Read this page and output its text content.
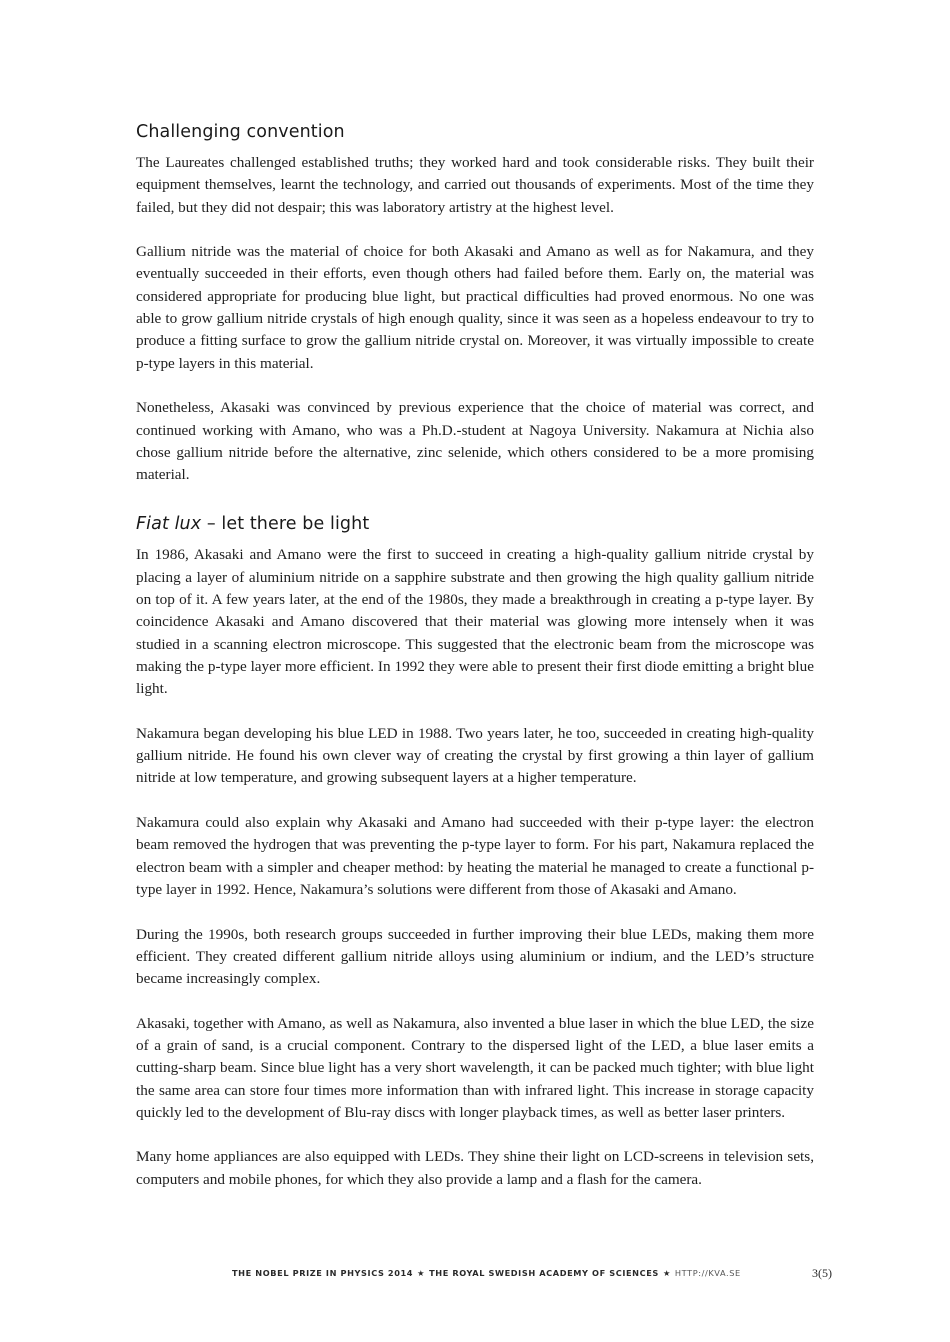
Challenging convention

The Laureates challenged established truths; they worked hard and took considerable risks. They built their equipment themselves, learnt the technology, and carried out thousands of experiments. Most of the time they failed, but they did not despair; this was laboratory artistry at the highest level.

Gallium nitride was the material of choice for both Akasaki and Amano as well as for Nakamura, and they eventually succeeded in their efforts, even though others had failed before them. Early on, the material was considered appropriate for producing blue light, but practical difficulties had proved enormous. No one was able to grow gallium nitride crystals of high enough quality, since it was seen as a hopeless endeavour to try to produce a fitting surface to grow the gallium nitride crystal on. Moreover, it was virtually impossible to create p-type layers in this material.

Nonetheless, Akasaki was convinced by previous experience that the choice of material was correct, and continued working with Amano, who was a Ph.D.-student at Nagoya University. Nakamura at Nichia also chose gallium nitride before the alternative, zinc selenide, which others considered to be a more promising material.

Fiat lux – let there be light

In 1986, Akasaki and Amano were the first to succeed in creating a high-quality gallium nitride crystal by placing a layer of aluminium nitride on a sapphire substrate and then growing the high quality gallium nitride on top of it. A few years later, at the end of the 1980s, they made a breakthrough in creating a p-type layer. By coincidence Akasaki and Amano discovered that their material was glowing more intensely when it was studied in a scanning electron microscope. This suggested that the electronic beam from the microscope was making the p-type layer more efficient. In 1992 they were able to present their first diode emitting a bright blue light.

Nakamura began developing his blue LED in 1988. Two years later, he too, succeeded in creating high-quality gallium nitride. He found his own clever way of creating the crystal by first growing a thin layer of gallium nitride at low temperature, and growing subsequent layers at a higher temperature.

Nakamura could also explain why Akasaki and Amano had succeeded with their p-type layer: the electron beam removed the hydrogen that was preventing the p-type layer to form. For his part, Nakamura replaced the electron beam with a simpler and cheaper method: by heating the material he managed to create a functional p-type layer in 1992. Hence, Nakamura’s solutions were different from those of Akasaki and Amano.

During the 1990s, both research groups succeeded in further improving their blue LEDs, making them more efficient. They created different gallium nitride alloys using aluminium or indium, and the LED’s structure became increasingly complex.

Akasaki, together with Amano, as well as Nakamura, also invented a blue laser in which the blue LED, the size of a grain of sand, is a crucial component. Contrary to the dispersed light of the LED, a blue laser emits a cutting-sharp beam. Since blue light has a very short wavelength, it can be packed much tighter; with blue light the same area can store four times more information than with infrared light. This increase in storage capacity quickly led to the development of Blu-ray discs with longer playback times, as well as better laser printers.

Many home appliances are also equipped with LEDs. They shine their light on LCD-screens in television sets, computers and mobile phones, for which they also provide a lamp and a flash for the camera.

THE NOBEL PRIZE IN PHYSICS 2014 ★ THE ROYAL SWEDISH ACADEMY OF SCIENCES ★ HTTP://KVA.SE	3(5)
